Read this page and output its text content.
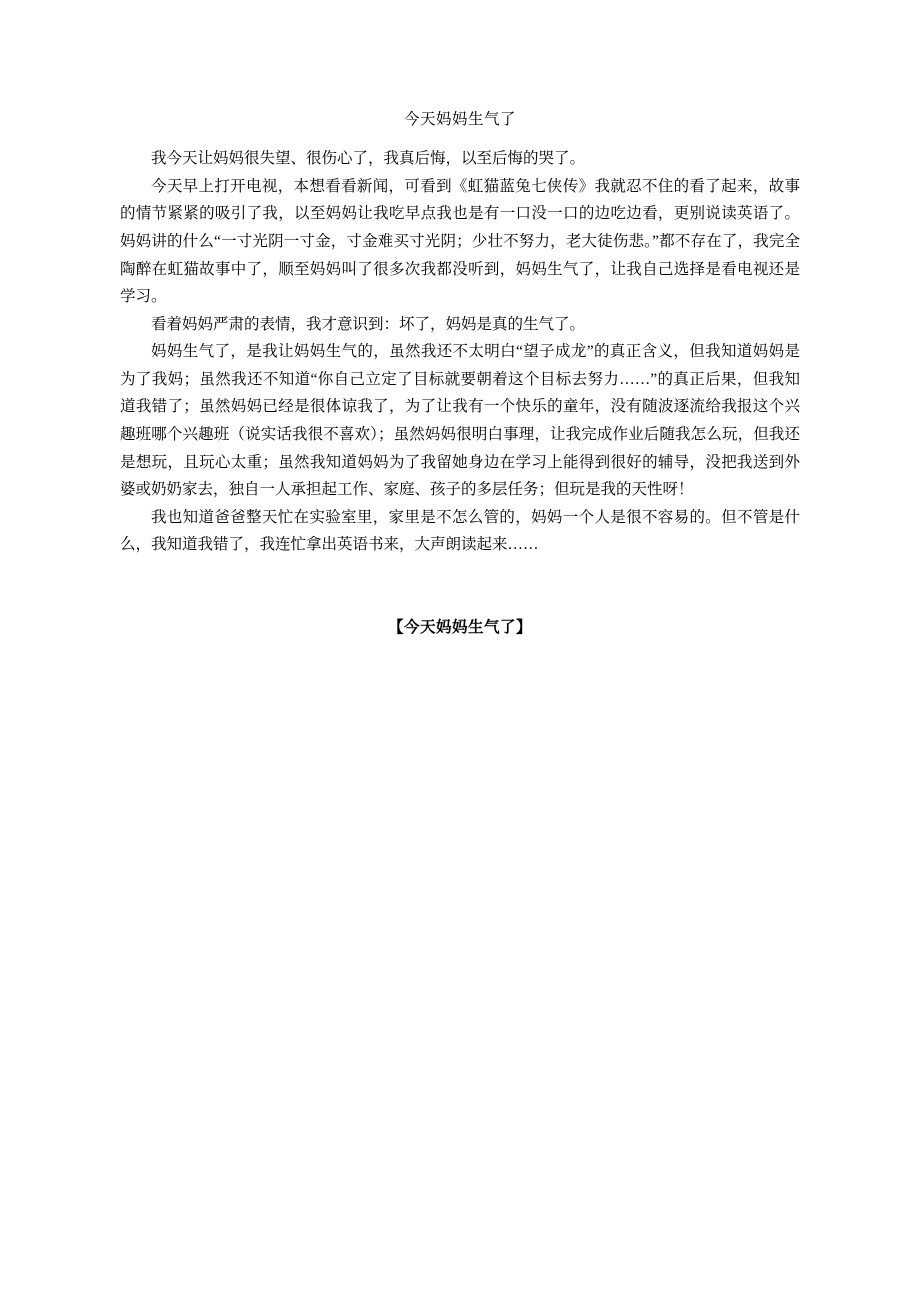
今天妈妈生气了

我今天让妈妈很失望、很伤心了，我真后悔，以至后悔的哭了。

今天早上打开电视，本想看看新闻，可看到《虹猫蓝兔七侠传》我就忍不住的看了起来，故事的情节紧紧的吸引了我，以至妈妈让我吃早点我也是有一口没一口的边吃边看，更别说读英语了。妈妈讲的什么“一寸光阴一寸金，寸金难买寸光阴；少壮不努力，老大徒伤悲。”都不存在了，我完全陶醉在虹猫故事中了，顺至妈妈叫了很多次我都没听到，妈妈生气了，让我自己选择是看电视还是学习。

看着妈妈严肃的表情，我才意识到：坏了，妈妈是真的生气了。

妈妈生气了，是我让妈妈生气的，虽然我还不太明白“望子成龙”的真正含义，但我知道妈妈是为了我妈；虽然我还不知道“你自己立定了目标就要朝着这个目标去努力……”的真正后果，但我知道我错了；虽然妈妈已经是很体谅我了，为了让我有一个快乐的童年，没有随波逐流给我报这个兴趣班哪个兴趣班（说实话我很不喜欢）；虽然妈妈很明白事理，让我完成作业后随我怎么玩，但我还是想玩，且玩心太重；虽然我知道妈妈为了我留她身边在学习上能得到很好的辅导，没把我送到外婆或奶奶家去，独自一人承担起工作、家庭、孩子的多层任务；但玩是我的天性呀！

我也知道爸爸整天忙在实验室里，家里是不怎么管的，妈妈一个人是很不容易的。但不管是什么，我知道我错了，我连忙拿出英语书来，大声朗读起来……

【今天妈妈生气了】
